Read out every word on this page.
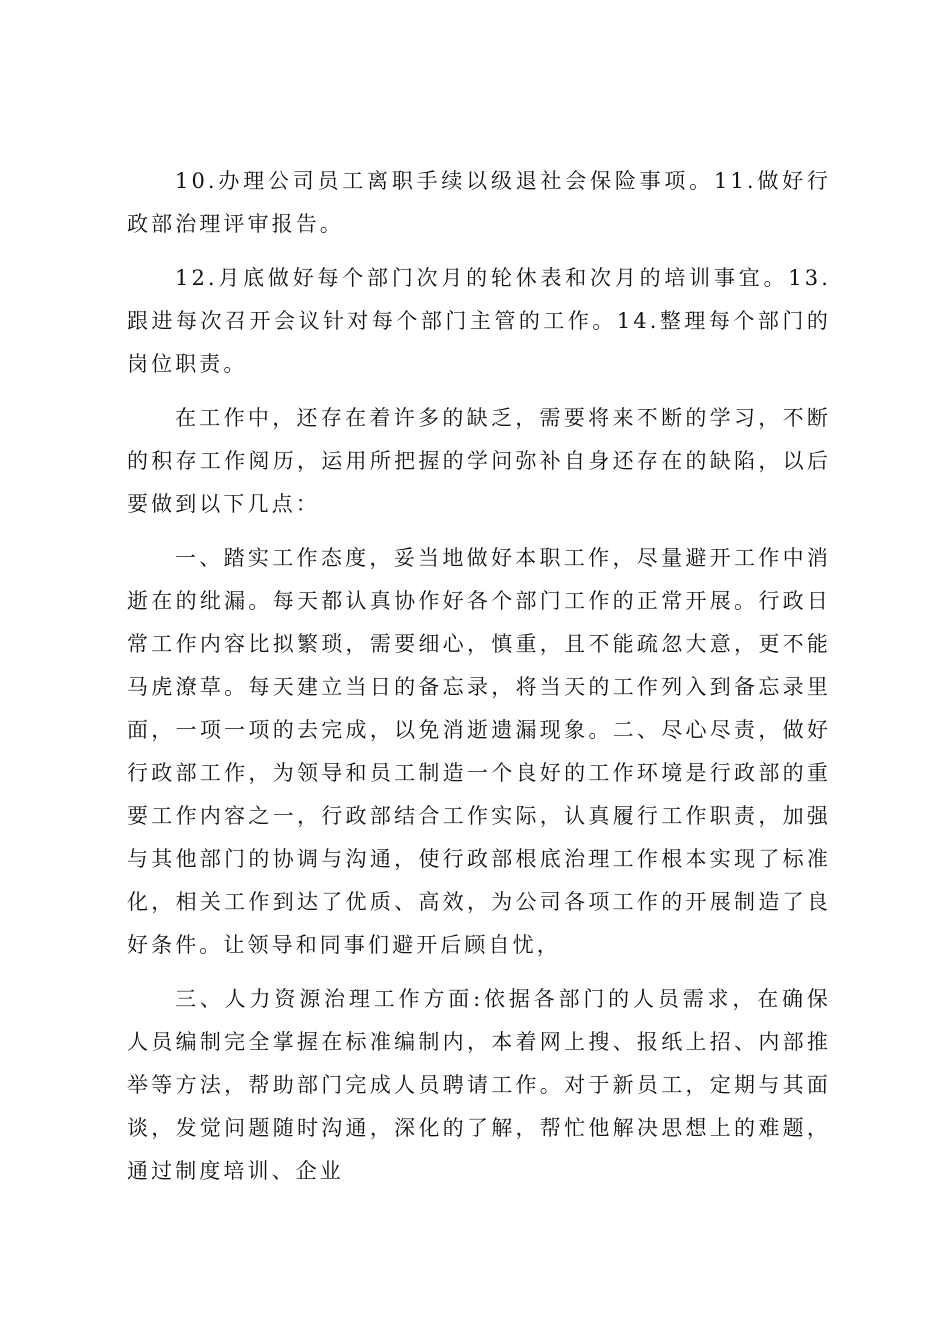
10.办理公司员工离职手续以级退社会保险事项。11.做好行政部治理评审报告。

12.月底做好每个部门次月的轮休表和次月的培训事宜。13.跟进每次召开会议针对每个部门主管的工作。14.整理每个部门的岗位职责。

在工作中，还存在着许多的缺乏，需要将来不断的学习，不断的积存工作阅历，运用所把握的学问弥补自身还存在的缺陷，以后要做到以下几点：

一、踏实工作态度，妥当地做好本职工作，尽量避开工作中消逝在的纰漏。每天都认真协作好各个部门工作的正常开展。行政日常工作内容比拟繁琐，需要细心，慎重，且不能疏忽大意，更不能马虎潦草。每天建立当日的备忘录，将当天的工作列入到备忘录里面，一项一项的去完成，以免消逝遗漏现象。二、尽心尽责，做好行政部工作，为领导和员工制造一个良好的工作环境是行政部的重要工作内容之一，行政部结合工作实际，认真履行工作职责，加强与其他部门的协调与沟通，使行政部根底治理工作根本实现了标准化，相关工作到达了优质、高效，为公司各项工作的开展制造了良好条件。让领导和同事们避开后顾自忧，

三、人力资源治理工作方面:依据各部门的人员需求，在确保人员编制完全掌握在标准编制内，本着网上搜、报纸上招、内部推举等方法，帮助部门完成人员聘请工作。对于新员工，定期与其面谈，发觉问题随时沟通，深化的了解，帮忙他解决思想上的难题，通过制度培训、企业
